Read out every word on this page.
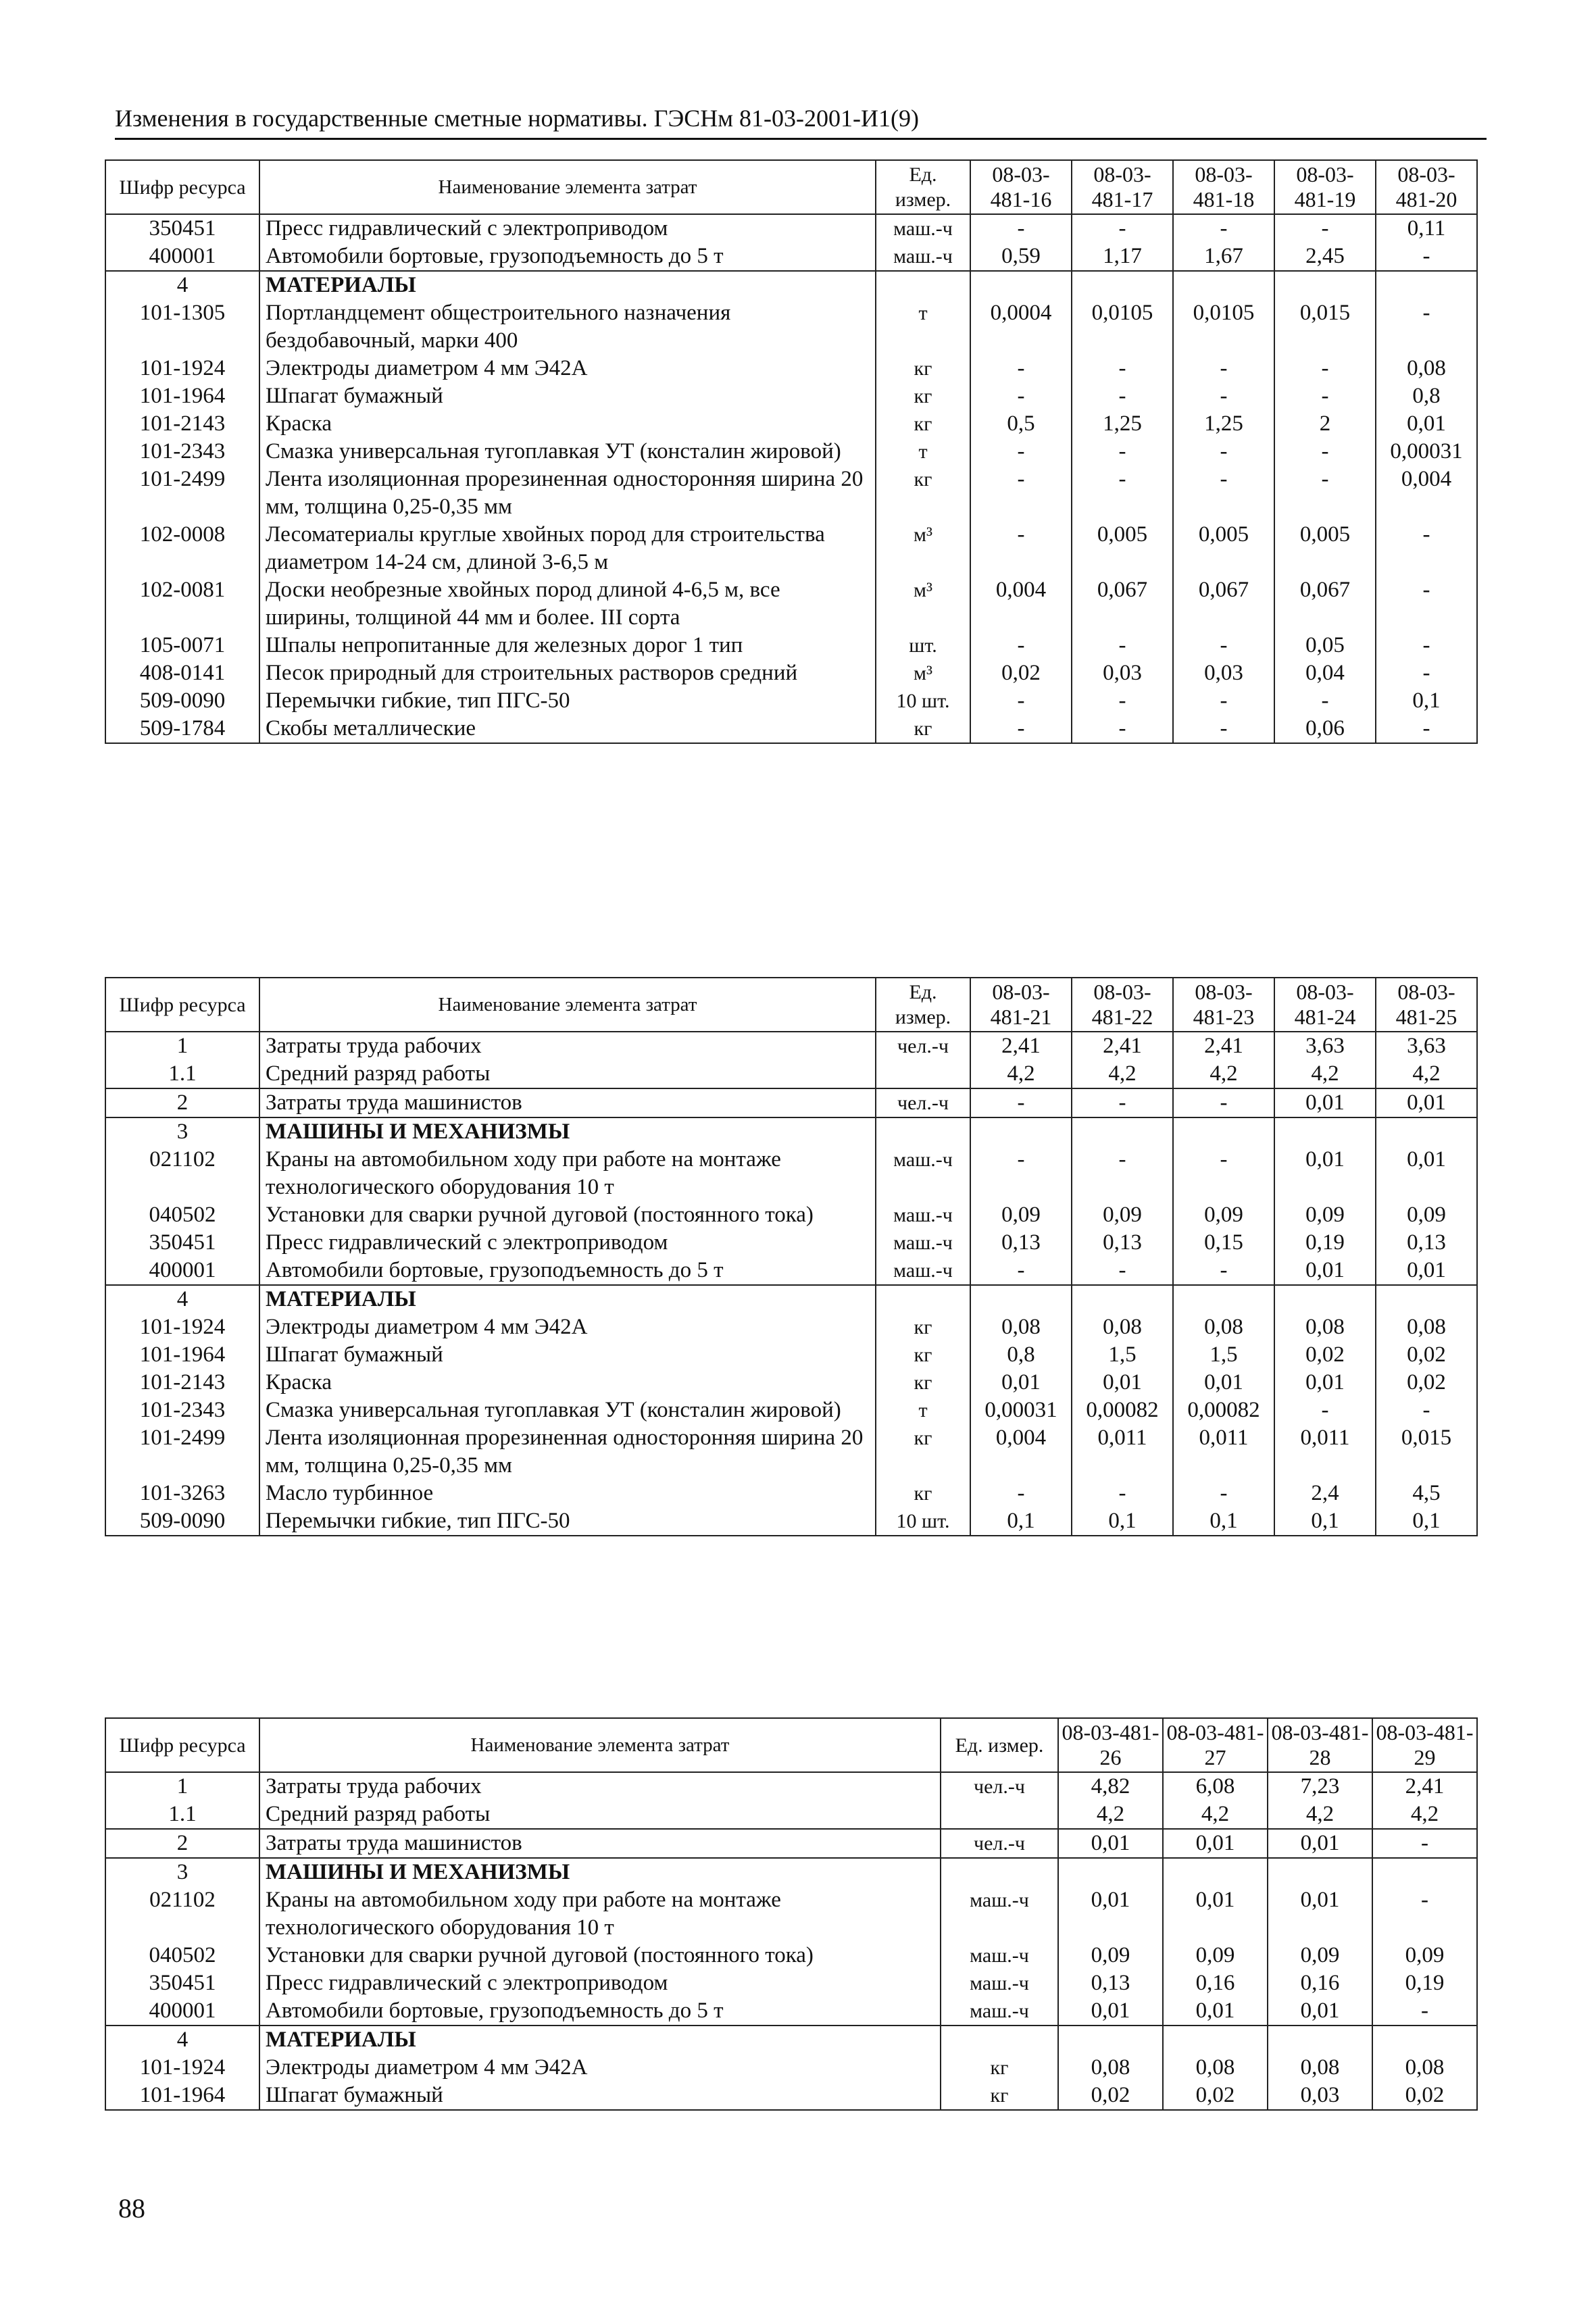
Изменения в государственные сметные нормативы. ГЭСНм 81-03-2001-И1(9)
Шифр ресурса	Наименование элемента затрат	Ед. измер.	08-03-481-16	08-03-481-17	08-03-481-18	08-03-481-19	08-03-481-20
350451	Пресс гидравлический с электроприводом	маш.-ч	-	-	-	-	0,11
400001	Автомобили бортовые, грузоподъемность до 5 т	маш.-ч	0,59	1,17	1,67	2,45	-
4	МАТЕРИАЛЫ						
101-1305	Портландцемент общестроительного назначения бездобавочный, марки 400	т	0,0004	0,0105	0,0105	0,015	-
101-1924	Электроды диаметром 4 мм Э42А	кг	-	-	-	-	0,08
101-1964	Шпагат бумажный	кг	-	-	-	-	0,8
101-2143	Краска	кг	0,5	1,25	1,25	2	0,01
101-2343	Смазка универсальная тугоплавкая УТ (консталин жировой)	т	-	-	-	-	0,00031
101-2499	Лента изоляционная прорезиненная односторонняя ширина 20 мм, толщина 0,25-0,35 мм	кг	-	-	-	-	0,004
102-0008	Лесоматериалы круглые хвойных пород для строительства диаметром 14-24 см, длиной 3-6,5 м	м³	-	0,005	0,005	0,005	-
102-0081	Доски необрезные хвойных пород длиной 4-6,5 м, все ширины, толщиной 44 мм и более. III сорта	м³	0,004	0,067	0,067	0,067	-
105-0071	Шпалы непропитанные для железных дорог 1 тип	шт.	-	-	-	0,05	-
408-0141	Песок природный для строительных растворов средний	м³	0,02	0,03	0,03	0,04	-
509-0090	Перемычки гибкие, тип ПГС-50	10 шт.	-	-	-	-	0,1
509-1784	Скобы металлические	кг	-	-	-	0,06	-
Шифр ресурса	Наименование элемента затрат	Ед. измер.	08-03-481-21	08-03-481-22	08-03-481-23	08-03-481-24	08-03-481-25
1	Затраты труда рабочих	чел.-ч	2,41	2,41	2,41	3,63	3,63
1.1	Средний разряд работы		4,2	4,2	4,2	4,2	4,2
2	Затраты труда машинистов	чел.-ч	-	-	-	0,01	0,01
3	МАШИНЫ И МЕХАНИЗМЫ						
021102	Краны на автомобильном ходу при работе на монтаже технологического оборудования 10 т	маш.-ч	-	-	-	0,01	0,01
040502	Установки для сварки ручной дуговой (постоянного тока)	маш.-ч	0,09	0,09	0,09	0,09	0,09
350451	Пресс гидравлический с электроприводом	маш.-ч	0,13	0,13	0,15	0,19	0,13
400001	Автомобили бортовые, грузоподъемность до 5 т	маш.-ч	-	-	-	0,01	0,01
4	МАТЕРИАЛЫ						
101-1924	Электроды диаметром 4 мм Э42А	кг	0,08	0,08	0,08	0,08	0,08
101-1964	Шпагат бумажный	кг	0,8	1,5	1,5	0,02	0,02
101-2143	Краска	кг	0,01	0,01	0,01	0,01	0,02
101-2343	Смазка универсальная тугоплавкая УТ (консталин жировой)	т	0,00031	0,00082	0,00082	-	-
101-2499	Лента изоляционная прорезиненная односторонняя ширина 20 мм, толщина 0,25-0,35 мм	кг	0,004	0,011	0,011	0,011	0,015
101-3263	Масло турбинное	кг	-	-	-	2,4	4,5
509-0090	Перемычки гибкие, тип ПГС-50	10 шт.	0,1	0,1	0,1	0,1	0,1
Шифр ресурса	Наименование элемента затрат	Ед. измер.	08-03-481-26	08-03-481-27	08-03-481-28	08-03-481-29
1	Затраты труда рабочих	чел.-ч	4,82	6,08	7,23	2,41
1.1	Средний разряд работы		4,2	4,2	4,2	4,2
2	Затраты труда машинистов	чел.-ч	0,01	0,01	0,01	-
3	МАШИНЫ И МЕХАНИЗМЫ					
021102	Краны на автомобильном ходу при работе на монтаже технологического оборудования 10 т	маш.-ч	0,01	0,01	0,01	-
040502	Установки для сварки ручной дуговой (постоянного тока)	маш.-ч	0,09	0,09	0,09	0,09
350451	Пресс гидравлический с электроприводом	маш.-ч	0,13	0,16	0,16	0,19
400001	Автомобили бортовые, грузоподъемность до 5 т	маш.-ч	0,01	0,01	0,01	-
4	МАТЕРИАЛЫ					
101-1924	Электроды диаметром 4 мм Э42А	кг	0,08	0,08	0,08	0,08
101-1964	Шпагат бумажный	кг	0,02	0,02	0,03	0,02
88
